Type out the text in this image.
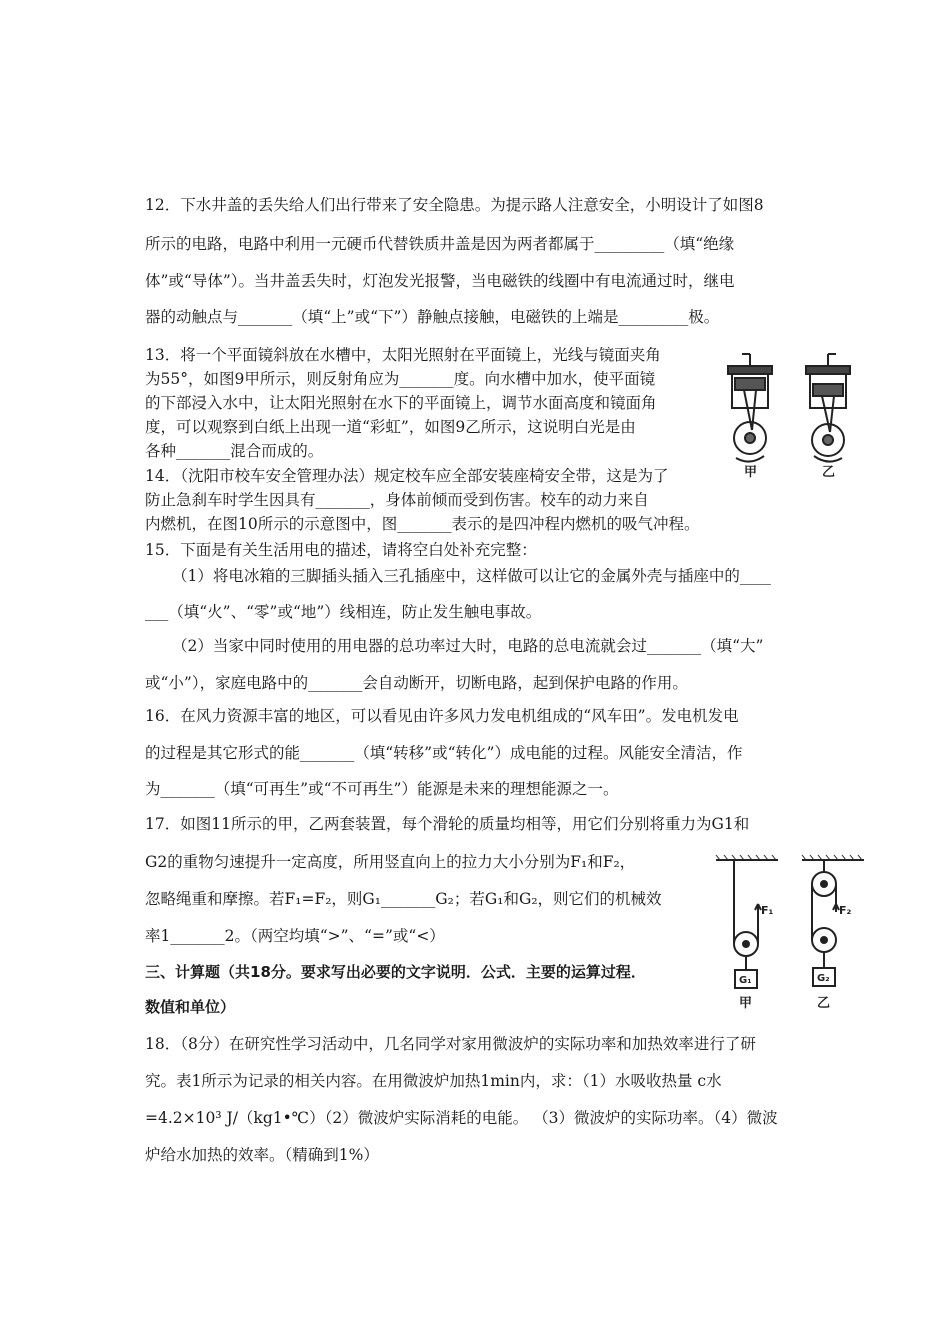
12．下水井盖的丢失给人们出行带来了安全隐患。为提示路人注意安全，小明设计了如图8
所示的电路，电路中利用一元硬币代替铁质井盖是因为两者都属于_________（填“绝缘
体”或“导体”）。当井盖丢失时，灯泡发光报警，当电磁铁的线圈中有电流通过时，继电
器的动触点与_______（填“上”或“下”）静触点接触，电磁铁的上端是_________极。
13．将一个平面镜斜放在水槽中，太阳光照射在平面镜上，光线与镜面夹角
为55°，如图9甲所示，则反射角应为_______度。向水槽中加水，使平面镜
的下部浸入水中，让太阳光照射在水下的平面镜上，调节水面高度和镜面角
度，可以观察到白纸上出现一道“彩虹”，如图9乙所示，这说明白光是由
各种_______混合而成的。
14．（沈阳市校车安全管理办法）规定校车应全部安装座椅安全带，这是为了
防止急刹车时学生因具有_______，身体前倾而受到伤害。校车的动力来自
内燃机，在图10所示的示意图中，图_______表示的是四冲程内燃机的吸气冲程。
15．下面是有关生活用电的描述，请将空白处补充完整：
（1）将电冰箱的三脚插头插入三孔插座中，这样做可以让它的金属外壳与插座中的____
___（填“火”、“零”或“地”）线相连，防止发生触电事故。
（2）当家中同时使用的用电器的总功率过大时，电路的总电流就会过_______（填“大”
或“小”），家庭电路中的_______会自动断开，切断电路，起到保护电路的作用。
16．在风力资源丰富的地区，可以看见由许多风力发电机组成的“风车田”。发电机发电
的过程是其它形式的能_______（填“转移”或“转化”）成电能的过程。风能安全清洁，作
为_______（填“可再生”或“不可再生”）能源是未来的理想能源之一。
17．如图11所示的甲，乙两套装置，每个滑轮的质量均相等，用它们分别将重力为G1和
G2的重物匀速提升一定高度，所用竖直向上的拉力大小分别为F₁和F₂，
忽略绳重和摩擦。若F₁=F₂，则G₁_______G₂；若G₁和G₂，则它们的机械效
率1_______2。（两空均填“>”、“=”或“<）
三、计算题（共18分。要求写出必要的文字说明．公式．主要的运算过程．
数值和单位）
18．（8分）在研究性学习活动中，几名同学对家用微波炉的实际功率和加热效率进行了研
究。表1所示为记录的相关内容。在用微波炉加热1min内，求：（1）水吸收热量 c水
=4.2×10³ J/（kg1•℃）（2）微波炉实际消耗的电能。 （3）微波炉的实际功率。（4）微波
炉给水加热的效率。（精确到1%）
甲	乙
F₁	F₂
G₁	G₂
甲	乙
